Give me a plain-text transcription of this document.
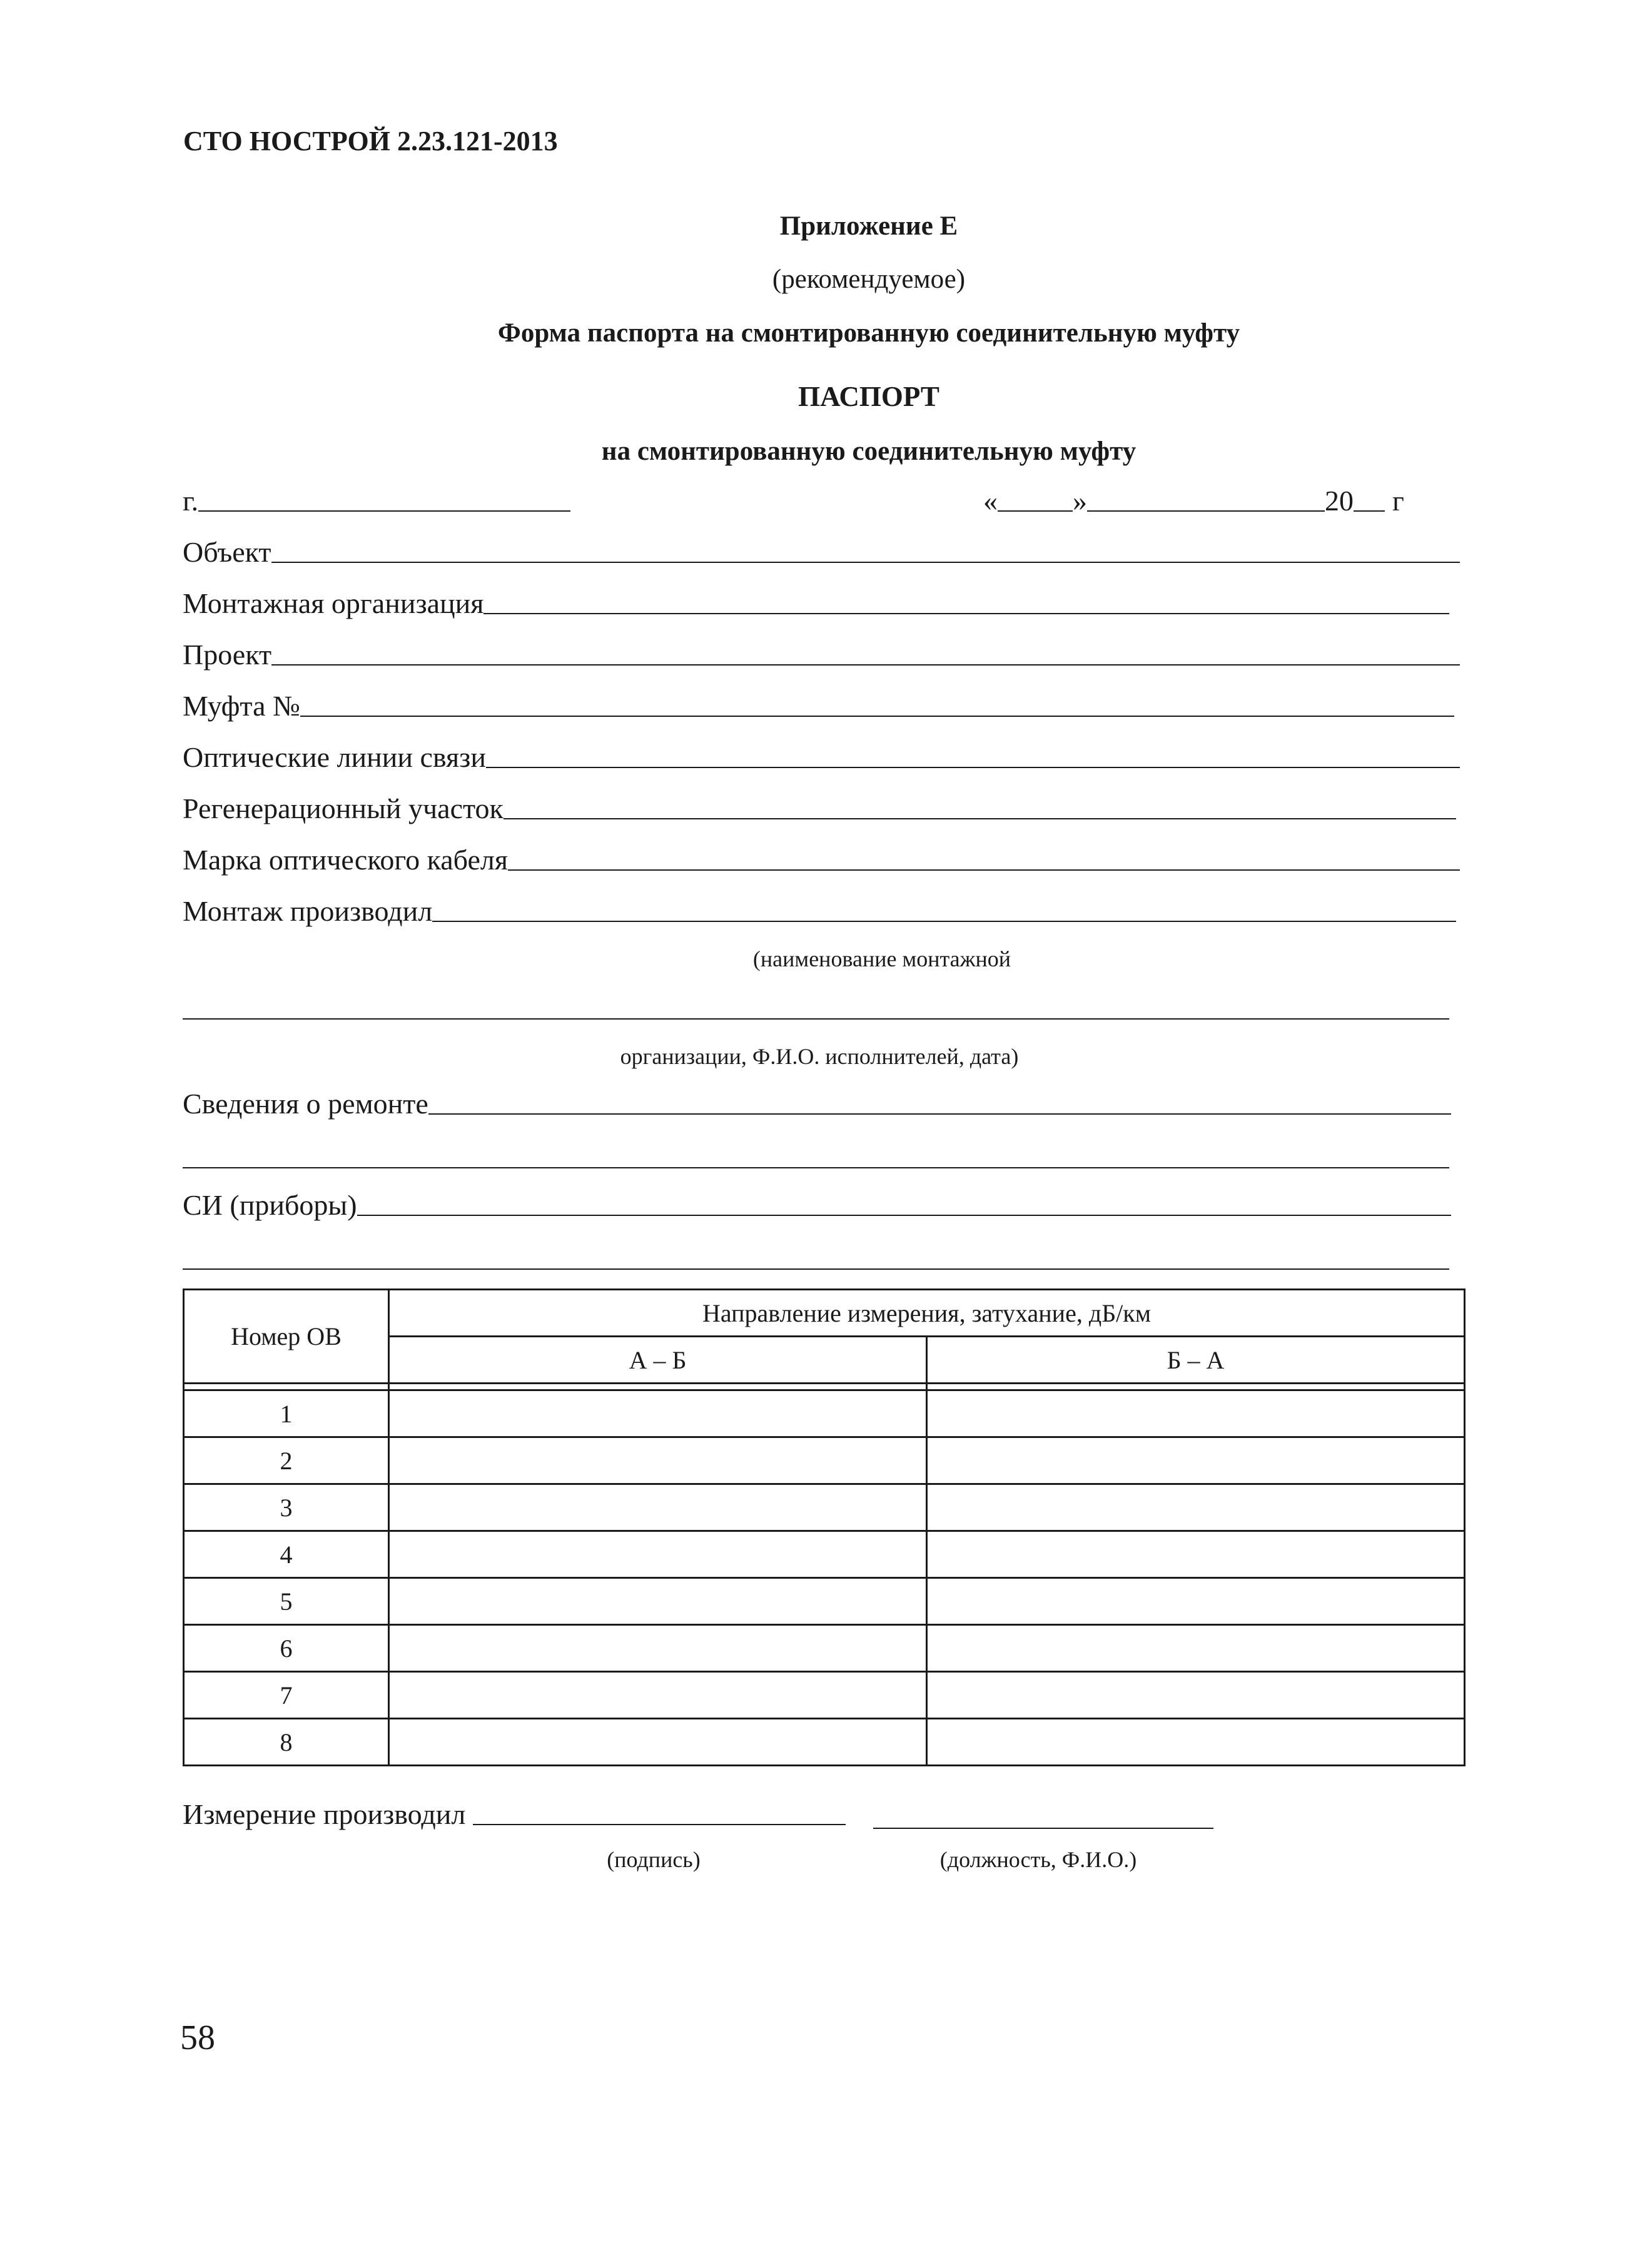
СТО НОСТРОЙ 2.23.121-2013
Приложение Е
(рекомендуемое)
Форма паспорта на смонтированную соединительную муфту
ПАСПОРТ
на смонтированную соединительную муфту
г.	«	»	20 г
Объект
Монтажная организация
Проект
Муфта №
Оптические линии связи
Регенерационный участок
Марка оптического кабеля
Монтаж производил
(наименование монтажной
организации, Ф.И.О. исполнителей, дата)
Сведения о ремонте
СИ (приборы)
Номер ОВ	Направление измерения, затухание, дБ/км	
	А – Б	Б – А

1		
2		
3		
4		
5		
6		
7		
8		
Измерение производил
(подпись)	(должность, Ф.И.О.)
58
